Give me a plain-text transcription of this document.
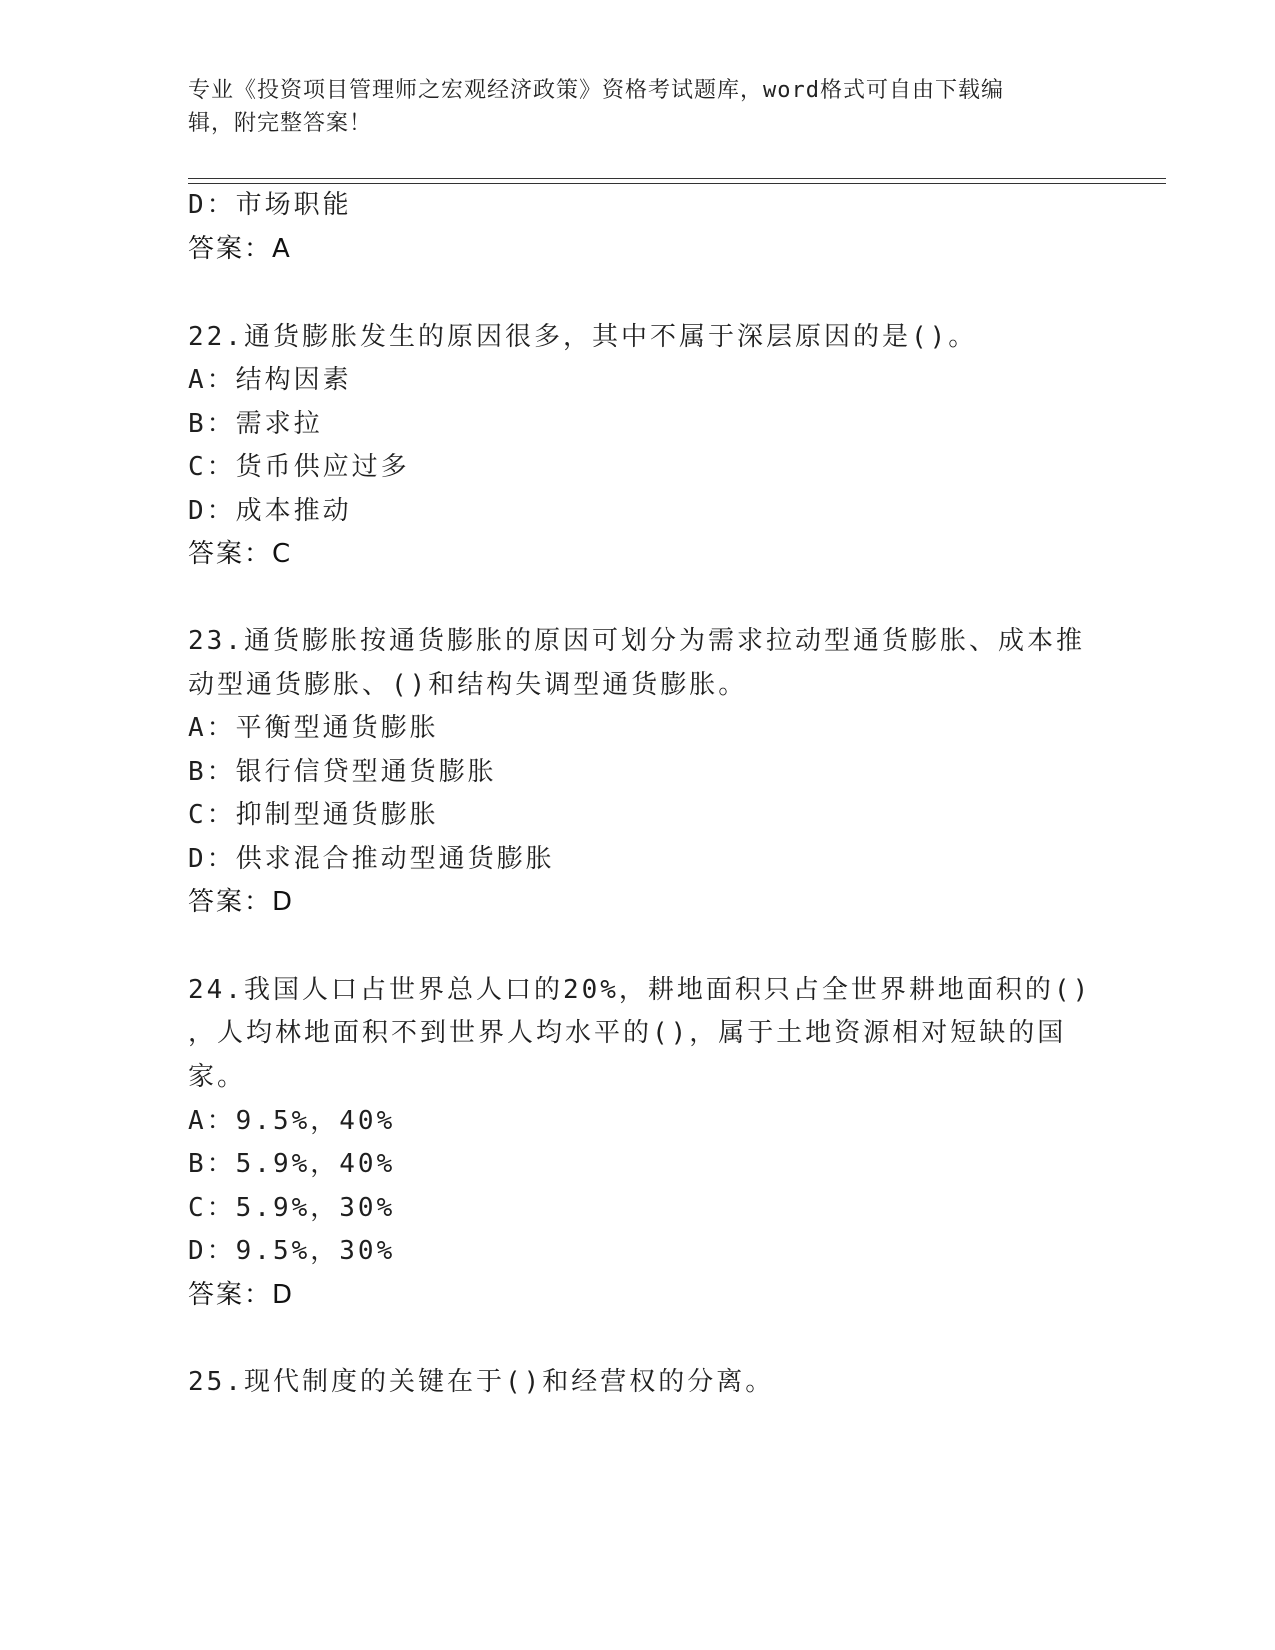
专业《投资项目管理师之宏观经济政策》资格考试题库，word格式可自由下载编
辑，附完整答案！
D：市场职能
答案：A
22.通货膨胀发生的原因很多，其中不属于深层原因的是()。
A：结构因素
B：需求拉
C：货币供应过多
D：成本推动
答案：C
23.通货膨胀按通货膨胀的原因可划分为需求拉动型通货膨胀、成本推
动型通货膨胀、()和结构失调型通货膨胀。
A：平衡型通货膨胀
B：银行信贷型通货膨胀
C：抑制型通货膨胀
D：供求混合推动型通货膨胀
答案：D
24.我国人口占世界总人口的20%，耕地面积只占全世界耕地面积的()
，人均林地面积不到世界人均水平的()，属于土地资源相对短缺的国
家。
A：9.5%，40%
B：5.9%，40%
C：5.9%，30%
D：9.5%，30%
答案：D
25.现代制度的关键在于()和经营权的分离。
